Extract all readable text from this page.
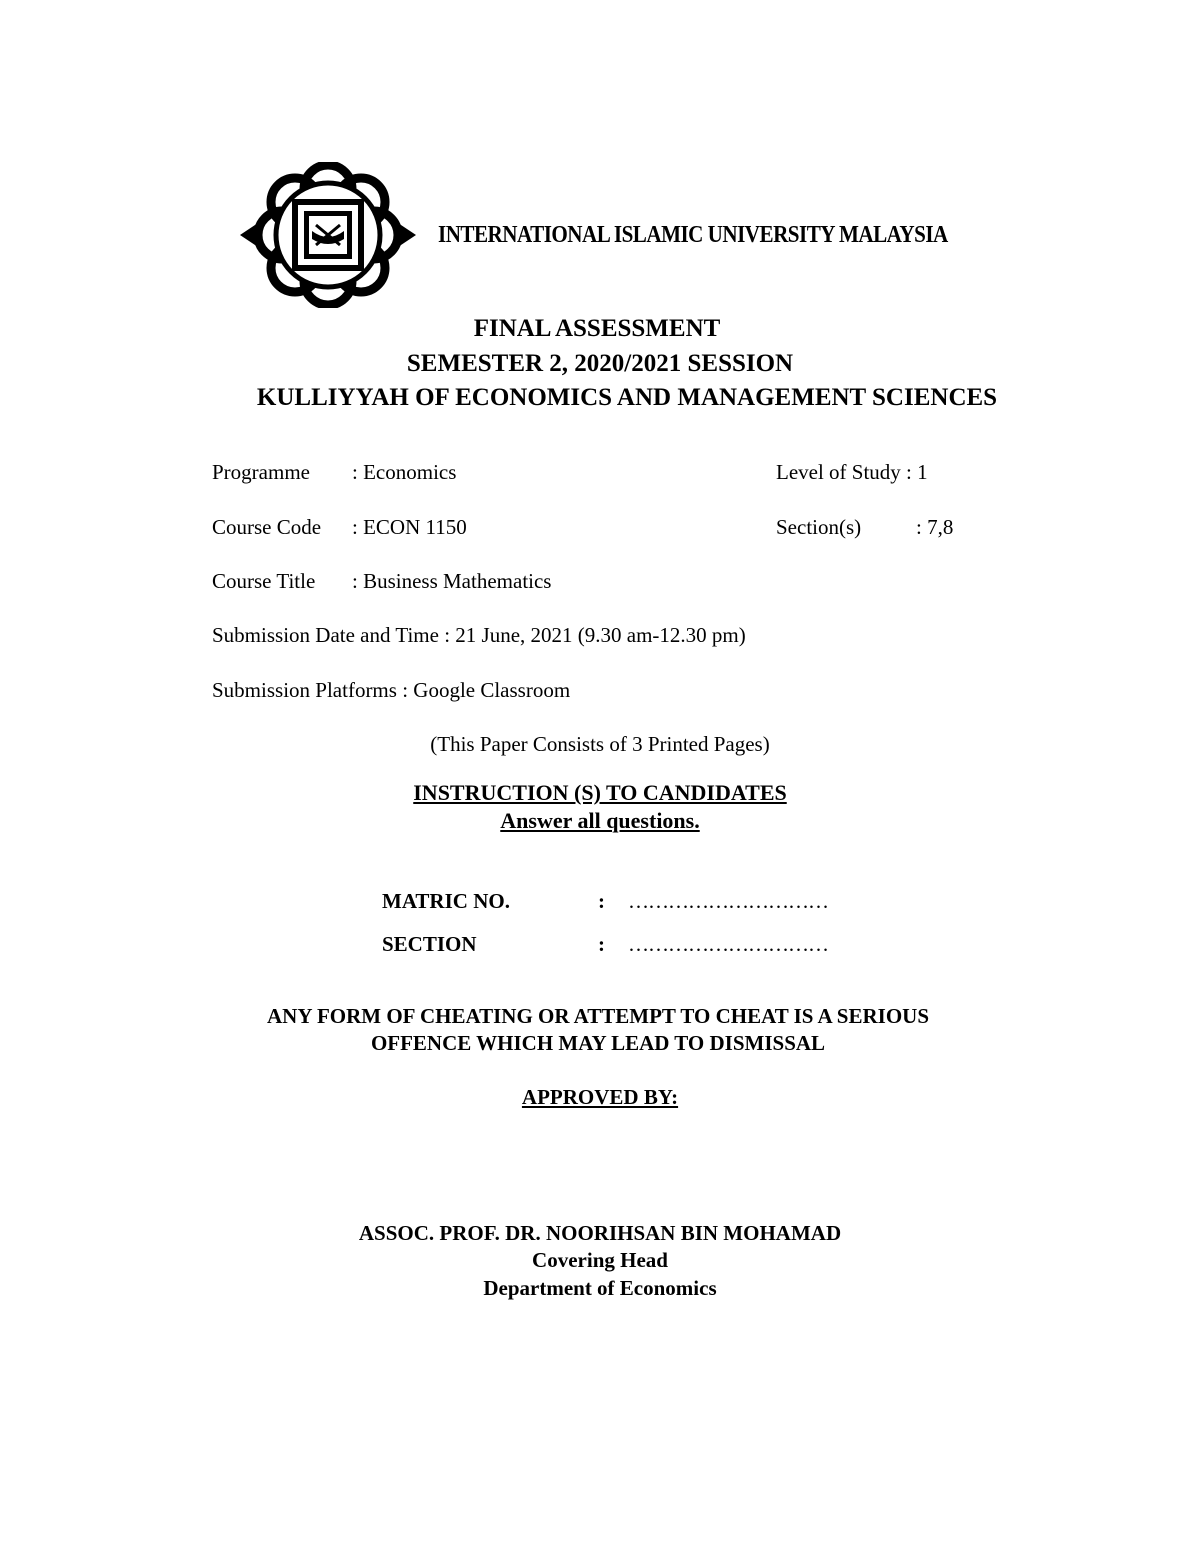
INTERNATIONAL ISLAMIC UNIVERSITY MALAYSIA
FINAL ASSESSMENT
SEMESTER 2, 2020/2021 SESSION
KULLIYYAH OF ECONOMICS AND MANAGEMENT SCIENCES
Programme : Economics	Level of Study : 1
Course Code : ECON 1150	Section(s)	: 7,8
Course Title : Business Mathematics
Submission Date and Time : 21 June, 2021 (9.30 am-12.30 pm)
Submission Platforms : Google Classroom
(This Paper Consists of 3 Printed Pages)
INSTRUCTION (S) TO CANDIDATES
Answer all questions.
MATRIC NO.	: …………………………
SECTION	: …………………………
ANY FORM OF CHEATING OR ATTEMPT TO CHEAT IS A SERIOUS
OFFENCE WHICH MAY LEAD TO DISMISSAL
APPROVED BY:
ASSOC. PROF. DR. NOORIHSAN BIN MOHAMAD
Covering Head
Department of Economics
